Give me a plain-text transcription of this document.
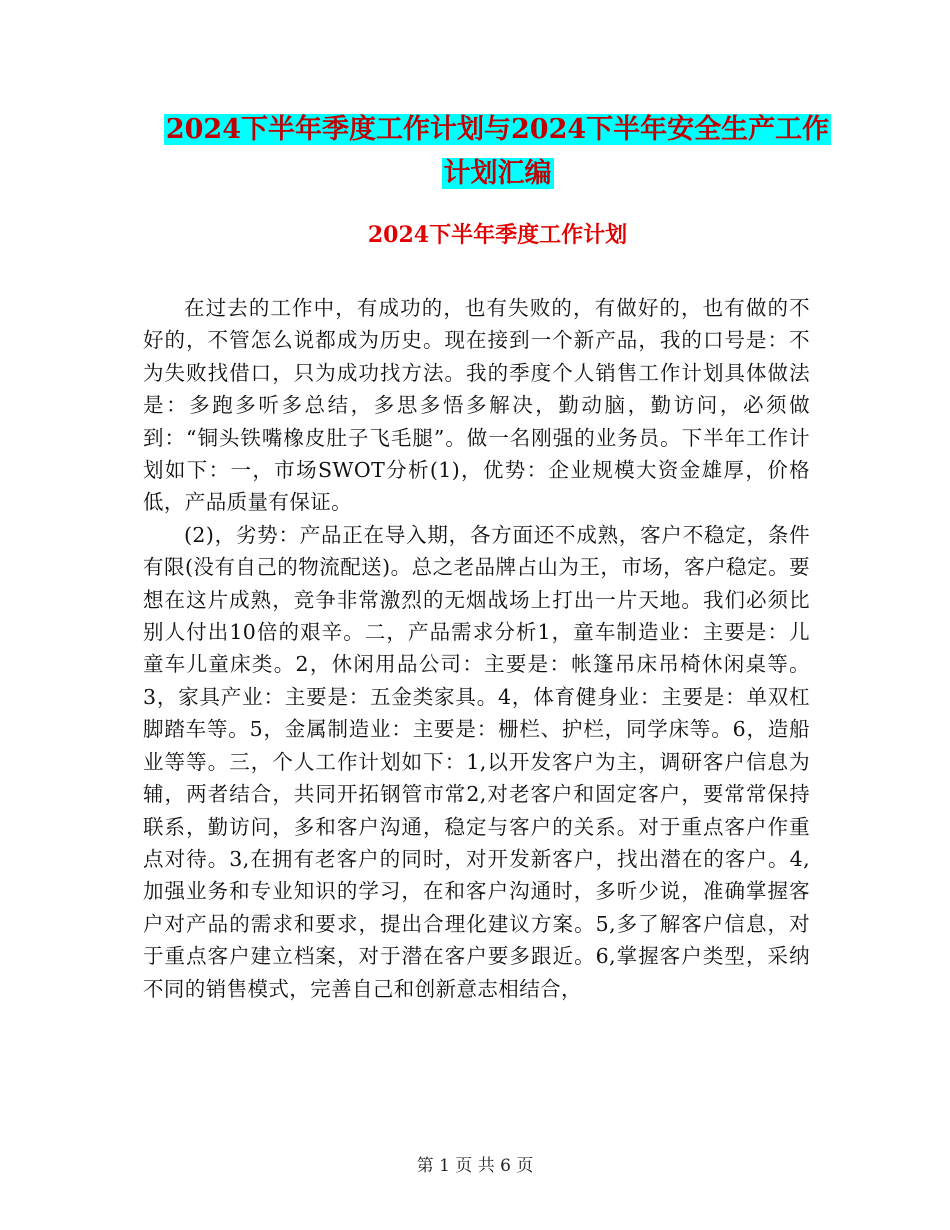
2024下半年季度工作计划与2024下半年安全生产工作
计划汇编
2024下半年季度工作计划

在过去的工作中，有成功的，也有失败的，有做好的，也有做的不好的，不管怎么说都成为历史。现在接到一个新产品，我的口号是：不为失败找借口，只为成功找方法。我的季度个人销售工作计划具体做法是：多跑多听多总结，多思多悟多解决，勤动脑，勤访问，必须做到：“铜头铁嘴橡皮肚子飞毛腿”。做一名刚强的业务员。下半年工作计划如下：一，市场SWOT分析(1)，优势：企业规模大资金雄厚，价格低，产品质量有保证。

(2)，劣势：产品正在导入期，各方面还不成熟，客户不稳定，条件有限(没有自己的物流配送)。总之老品牌占山为王，市场，客户稳定。要想在这片成熟，竞争非常激烈的无烟战场上打出一片天地。我们必须比别人付出10倍的艰辛。二，产品需求分析1，童车制造业：主要是：儿童车儿童床类。2，休闲用品公司：主要是：帐篷吊床吊椅休闲桌等。3，家具产业：主要是：五金类家具。4，体育健身业：主要是：单双杠脚踏车等。5，金属制造业：主要是：栅栏、护栏，同学床等。6，造船业等等。三，个人工作计划如下：1,以开发客户为主，调研客户信息为辅，两者结合，共同开拓钢管市常2,对老客户和固定客户，要常常保持联系，勤访问，多和客户沟通，稳定与客户的关系。对于重点客户作重点对待。3,在拥有老客户的同时，对开发新客户，找出潜在的客户。4,加强业务和专业知识的学习，在和客户沟通时，多听少说，准确掌握客户对产品的需求和要求，提出合理化建议方案。5,多了解客户信息，对于重点客户建立档案，对于潜在客户要多跟近。6,掌握客户类型，采纳不同的销售模式，完善自己和创新意志相结合，

第 1 页 共 6 页
